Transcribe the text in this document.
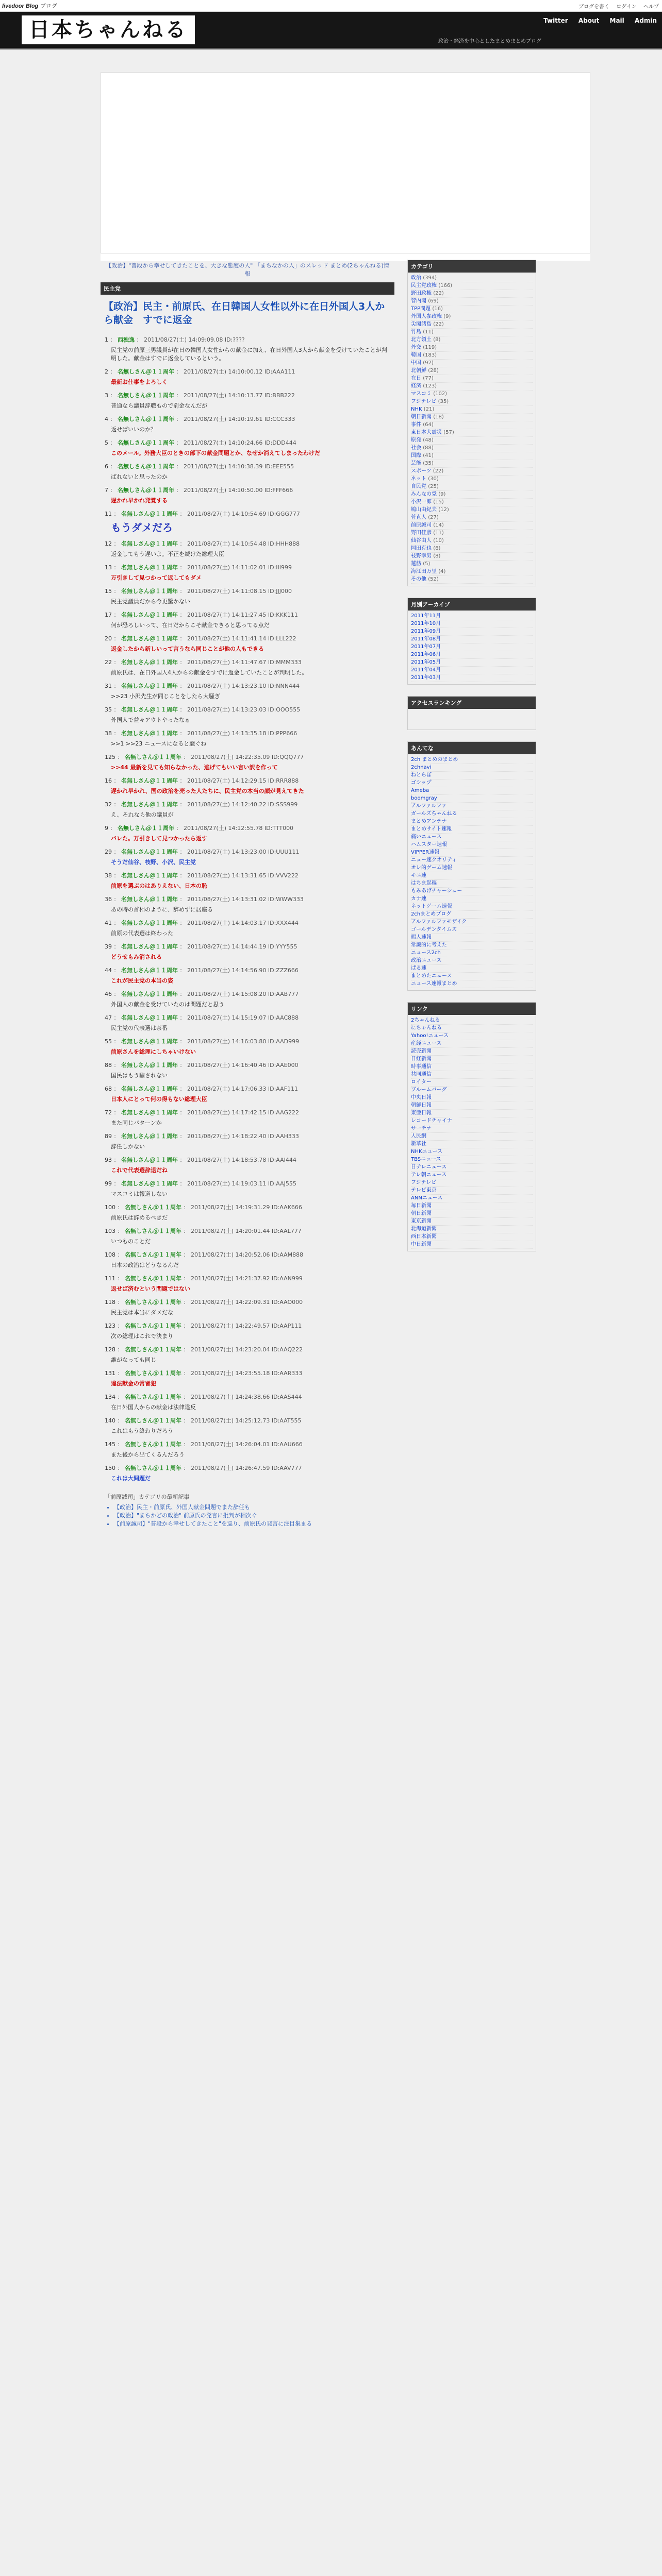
livedoor Blog ブログ	ブログを書く ログイン ヘルプ
日本ちゃんねる	政治・経済を中心としたまとめまとめブログ
Twitter About Mail Admin
【政治】"普段から幸せしてきたことを、大きな態度の人" 「まちなかの人」のスレッド まとめ(2ちゃんねる)情報
民主党
【政治】民主・前原氏、在日韓国人女性以外に在日外国人3人から献金　すでに返金
1 ： 西独逸 ： 2011/08/27(土) 14:09:09.08 ID:????
民主党の前原三男議員が在日の韓国人女性からの献金に加え、在日外国人3人から献金を受けていたことが判明した。献金はすでに返金しているという。
2 ： 名無しさん＠１１周年 ： 2011/08/27(土) 14:10:00.12 ID:AAA111
最新お仕事をよろしく
3 ： 名無しさん＠１１周年 ： 2011/08/27(土) 14:10:13.77 ID:BBB222
普通なら議員辞職もので罰金なんだが
4 ： 名無しさん＠１１周年 ： 2011/08/27(土) 14:10:19.61 ID:CCC333
返せばいいのか？
5 ： 名無しさん＠１１周年 ： 2011/08/27(土) 14:10:24.66 ID:DDD444
このメール。外務大臣のときの部下の献金問題とか、なぜか消えてしまったわけだ
6 ： 名無しさん＠１１周年 ： 2011/08/27(土) 14:10:38.39 ID:EEE555
ばれないと思ったのか
7 ： 名無しさん＠１１周年 ： 2011/08/27(土) 14:10:50.00 ID:FFF666
遅かれ早かれ発覚する
11 ： 名無しさん＠１１周年 ： 2011/08/27(土) 14:10:54.69 ID:GGG777
もうダメだろ
12 ： 名無しさん＠１１周年 ： 2011/08/27(土) 14:10:54.48 ID:HHH888
返金してもう遅いよ。不正を続けた総理大臣
13 ： 名無しさん＠１１周年 ： 2011/08/27(土) 14:11:02.01 ID:III999
万引きして見つかって返してもダメ
15 ： 名無しさん＠１１周年 ： 2011/08/27(土) 14:11:08.15 ID:JJJ000
民主党議員だから今更驚かない
17 ： 名無しさん＠１１周年 ： 2011/08/27(土) 14:11:27.45 ID:KKK111
何が恐ろしいって、在日だからこそ献金できると思ってる点だ
20 ： 名無しさん＠１１周年 ： 2011/08/27(土) 14:11:41.14 ID:LLL222
返金したから新しいって言うなら同じことが他の人もできる
22 ： 名無しさん＠１１周年 ： 2011/08/27(土) 14:11:47.67 ID:MMM333
前原氏は、在日外国人4人からの献金をすでに返金していたことが判明した。
31 ： 名無しさん＠１１周年 ： 2011/08/27(土) 14:13:23.10 ID:NNN444
>>23 小沢先生が同じことをしたら大騒ぎ
35 ： 名無しさん＠１１周年 ： 2011/08/27(土) 14:13:23.03 ID:OOO555
外国人で益々アウトやったなぁ
38 ： 名無しさん＠１１周年 ： 2011/08/27(土) 14:13:35.18 ID:PPP666
>>1 >>23 ニュースになると騒ぐね
125 ： 名無しさん＠１１周年 ： 2011/08/27(土) 14:22:35.09 ID:QQQ777
>>44 最新を見ても知らなかった、逃げてもいい言い訳を作って
16 ： 名無しさん＠１１周年 ： 2011/08/27(土) 14:12:29.15 ID:RRR888
遅かれ早かれ、国の政治を売った人たちに、民主党の本当の顔が見えてきた
32 ： 名無しさん＠１１周年 ： 2011/08/27(土) 14:12:40.22 ID:SSS999
え、それなら他の議員が
9 ： 名無しさん＠１１周年 ： 2011/08/27(土) 14:12:55.78 ID:TTT000
バレた。万引きして見つかったら返す
29 ： 名無しさん＠１１周年 ： 2011/08/27(土) 14:13:23.00 ID:UUU111
そうだ仙谷、枝野、小沢、民主党
38 ： 名無しさん＠１１周年 ： 2011/08/27(土) 14:13:31.65 ID:VVV222
前原を選ぶのはありえない、日本の恥
36 ： 名無しさん＠１１周年 ： 2011/08/27(土) 14:13:31.02 ID:WWW333
あの時の首相のように、辞めずに居座る
41 ： 名無しさん＠１１周年 ： 2011/08/27(土) 14:14:03.17 ID:XXX444
前原の代表選は終わった
39 ： 名無しさん＠１１周年 ： 2011/08/27(土) 14:14:44.19 ID:YYY555
どうせもみ消される
44 ： 名無しさん＠１１周年 ： 2011/08/27(土) 14:14:56.90 ID:ZZZ666
これが民主党の本当の姿
46 ： 名無しさん＠１１周年 ： 2011/08/27(土) 14:15:08.20 ID:AAB777
外国人の献金を受けていたのは問題だと思う
47 ： 名無しさん＠１１周年 ： 2011/08/27(土) 14:15:19.07 ID:AAC888
民主党の代表選は茶番
55 ： 名無しさん＠１１周年 ： 2011/08/27(土) 14:16:03.80 ID:AAD999
前原さんを総理にしちゃいけない
88 ： 名無しさん＠１１周年 ： 2011/08/27(土) 14:16:40.46 ID:AAE000
国民はもう騙されない
68 ： 名無しさん＠１１周年 ： 2011/08/27(土) 14:17:06.33 ID:AAF111
日本人にとって何の得もない総理大臣
72 ： 名無しさん＠１１周年 ： 2011/08/27(土) 14:17:42.15 ID:AAG222
また同じパターンか
89 ： 名無しさん＠１１周年 ： 2011/08/27(土) 14:18:22.40 ID:AAH333
辞任しかない
93 ： 名無しさん＠１１周年 ： 2011/08/27(土) 14:18:53.78 ID:AAI444
これで代表選辞退だね
99 ： 名無しさん＠１１周年 ： 2011/08/27(土) 14:19:03.11 ID:AAJ555
マスコミは報道しない
100 ： 名無しさん＠１１周年 ： 2011/08/27(土) 14:19:31.29 ID:AAK666
前原氏は辞めるべきだ
103 ： 名無しさん＠１１周年 ： 2011/08/27(土) 14:20:01.44 ID:AAL777
いつものことだ
108 ： 名無しさん＠１１周年 ： 2011/08/27(土) 14:20:52.06 ID:AAM888
日本の政治はどうなるんだ
111 ： 名無しさん＠１１周年 ： 2011/08/27(土) 14:21:37.92 ID:AAN999
返せば済むという問題ではない
118 ： 名無しさん＠１１周年 ： 2011/08/27(土) 14:22:09.31 ID:AAO000
民主党は本当にダメだな
123 ： 名無しさん＠１１周年 ： 2011/08/27(土) 14:22:49.57 ID:AAP111
次の総理はこれで決まり
128 ： 名無しさん＠１１周年 ： 2011/08/27(土) 14:23:20.04 ID:AAQ222
誰がなっても同じ
131 ： 名無しさん＠１１周年 ： 2011/08/27(土) 14:23:55.18 ID:AAR333
違法献金の常習犯
134 ： 名無しさん＠１１周年 ： 2011/08/27(土) 14:24:38.66 ID:AAS444
在日外国人からの献金は法律違反
140 ： 名無しさん＠１１周年 ： 2011/08/27(土) 14:25:12.73 ID:AAT555
これはもう終わりだろう
145 ： 名無しさん＠１１周年 ： 2011/08/27(土) 14:26:04.01 ID:AAU666
また後から出てくるんだろう
150 ： 名無しさん＠１１周年 ： 2011/08/27(土) 14:26:47.59 ID:AAV777
これは大問題だ
「前原誠司」カテゴリの最新記事
• 【政治】民主・前原氏、外国人献金問題でまた辞任も
• 【政治】"まちかどの政治" 前原氏の発言に批判が相次ぐ
• 【前原誠司】"普段から幸せしてきたこと"を巡り、前原氏の発言に注目集まる
カテゴリ
政治 (394)
民主党政権 (166)
野田政権 (22)
菅内閣 (69)
TPP問題 (16)
外国人参政権 (9)
尖閣諸島 (22)
竹島 (11)
北方領土 (8)
外交 (119)
韓国 (183)
中国 (92)
北朝鮮 (28)
在日 (77)
経済 (123)
マスコミ (102)
フジテレビ (35)
NHK (21)
朝日新聞 (18)
事件 (64)
東日本大震災 (57)
原発 (48)
社会 (88)
国際 (41)
芸能 (35)
スポーツ (22)
ネット (30)
自民党 (25)
みんなの党 (9)
小沢一郎 (15)
鳩山由紀夫 (12)
菅直人 (27)
前原誠司 (14)
野田佳彦 (11)
仙谷由人 (10)
岡田克也 (6)
枝野幸男 (8)
蓮舫 (5)
海江田万里 (4)
その他 (52)
月別アーカイブ
2011年11月
2011年10月
2011年09月
2011年08月
2011年07月
2011年06月
2011年05月
2011年04月
2011年03月
アクセスランキング
あんてな
2ch まとめのまとめ
2chnavi
ねとらぼ
ゴシップ
Ameba
boomgray
アルファルファ
ガールズちゃんねる
まとめアンテナ
まとめサイト速報
痛いニュース
ハムスター速報
VIPPER速報
ニュー速クオリティ
オレ的ゲーム速報
キニ速
はちま起稿
もみあげチャーシュー
カナ速
ネットゲーム速報
2chまとめブログ
アルファルファモザイク
ゴールデンタイムズ
暇人速報
常識的に考えた
ニュース2ch
政治ニュース
ぱる速
まとめたニュース
ニュース速報まとめ
リンク
2ちゃんねる
にちゃんねる
Yahoo!ニュース
産経ニュース
読売新聞
日経新聞
時事通信
共同通信
ロイター
ブルームバーグ
中央日報
朝鮮日報
東亜日報
レコードチャイナ
サーチナ
人民網
新華社
NHKニュース
TBSニュース
日テレニュース
テレ朝ニュース
フジテレビ
テレビ東京
ANNニュース
毎日新聞
朝日新聞
東京新聞
北海道新聞
西日本新聞
中日新聞
